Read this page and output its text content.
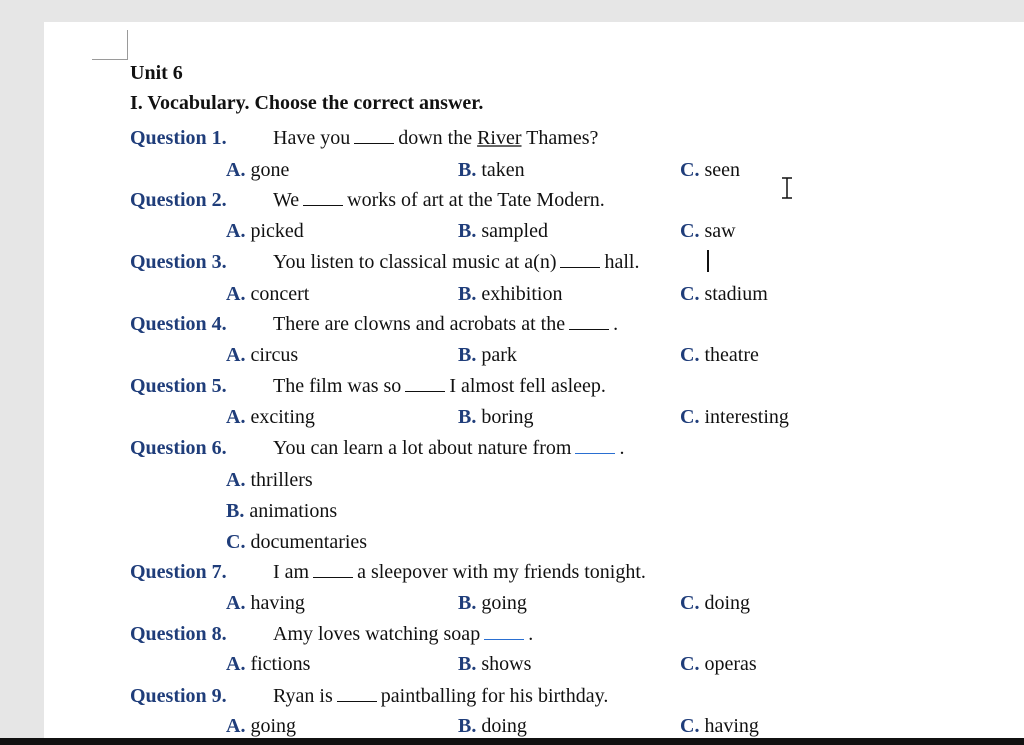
Unit 6
I. Vocabulary. Choose the correct answer.
Question 1. Have you down the River Thames?
A. gone	B. taken	C. seen
Question 2. We works of art at the Tate Modern.
A. picked	B. sampled	C. saw
Question 3. You listen to classical music at a(n) hall.
A. concert	B. exhibition	C. stadium
Question 4. There are clowns and acrobats at the .
A. circus	B. park	C. theatre
Question 5. The film was so I almost fell asleep.
A. exciting	B. boring	C. interesting
Question 6. You can learn a lot about nature from .
A. thrillers
B. animations
C. documentaries
Question 7. I am a sleepover with my friends tonight.
A. having	B. going	C. doing
Question 8. Amy loves watching soap .
A. fictions	B. shows	C. operas
Question 9. Ryan is paintballing for his birthday.
A. going	B. doing	C. having
